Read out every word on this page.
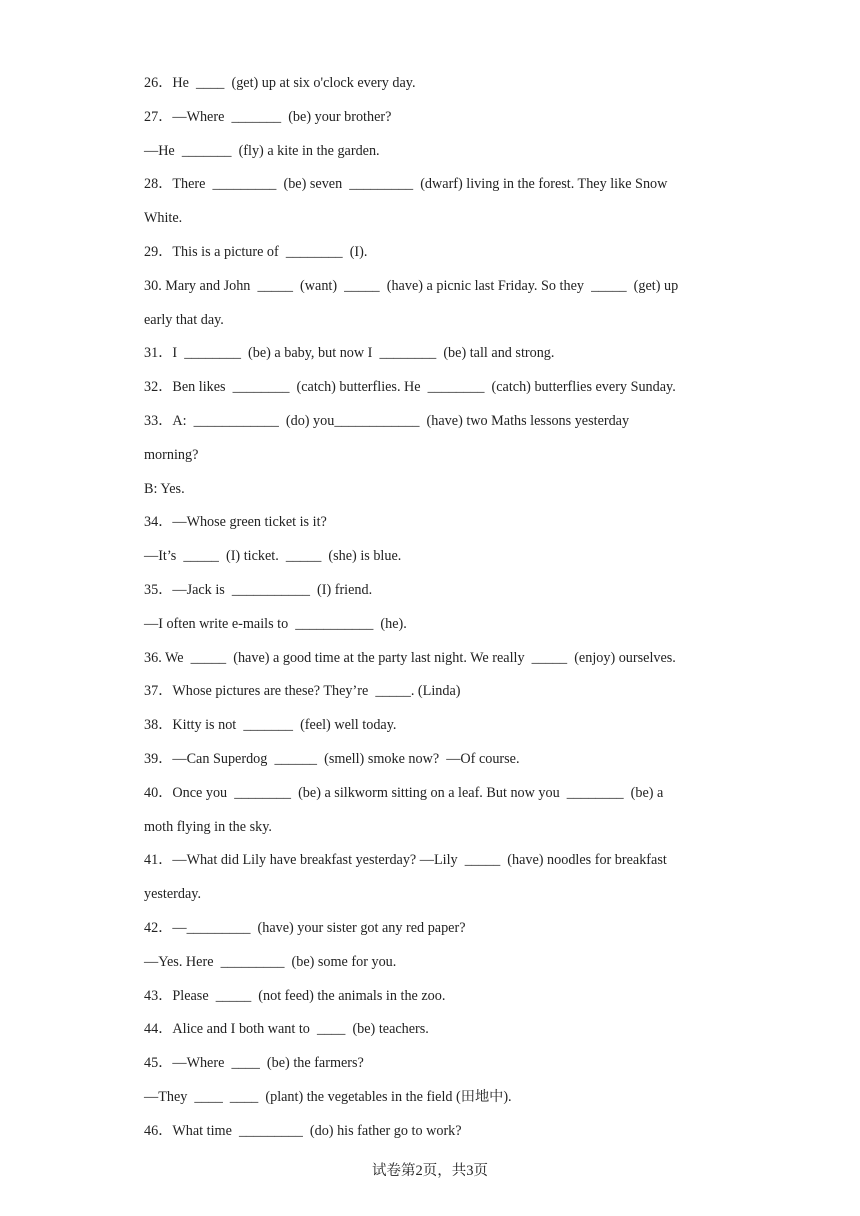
26．He  ____  (get) up at six o'clock every day.
27．—Where  _______  (be) your brother?
—He  _______  (fly) a kite in the garden.
28．There  _________  (be) seven  _________  (dwarf) living in the forest. They like Snow
White.
29．This is a picture of  ________  (I).
30. Mary and John  _____  (want)  _____  (have) a picnic last Friday. So they  _____  (get) up
early that day.
31．I  ________  (be) a baby, but now I  ________  (be) tall and strong.
32．Ben likes  ________  (catch) butterflies. He  ________  (catch) butterflies every Sunday.
33．A:  ____________  (do) you____________  (have) two Maths lessons yesterday
morning?
B: Yes.
34．—Whose green ticket is it?
—It’s  _____  (I) ticket.  _____  (she) is blue.
35．—Jack is  ___________  (I) friend.
—I often write e-mails to  ___________  (he).
36. We  _____  (have) a good time at the party last night. We really  _____  (enjoy) ourselves.
37．Whose pictures are these? They’re  _____. (Linda)
38．Kitty is not  _______  (feel) well today.
39．—Can Superdog  ______  (smell) smoke now?  —Of course.
40．Once you  ________  (be) a silkworm sitting on a leaf. But now you  ________  (be) a
moth flying in the sky.
41．—What did Lily have breakfast yesterday? —Lily  _____  (have) noodles for breakfast
yesterday.
42．—_________  (have) your sister got any red paper?
—Yes. Here  _________  (be) some for you.
43．Please  _____  (not feed) the animals in the zoo.
44．Alice and I both want to  ____  (be) teachers.
45．—Where  ____  (be) the farmers?
—They  ____  ____  (plant) the vegetables in the field (田地中).
46．What time  _________  (do) his father go to work?
试卷第2页，共3页
